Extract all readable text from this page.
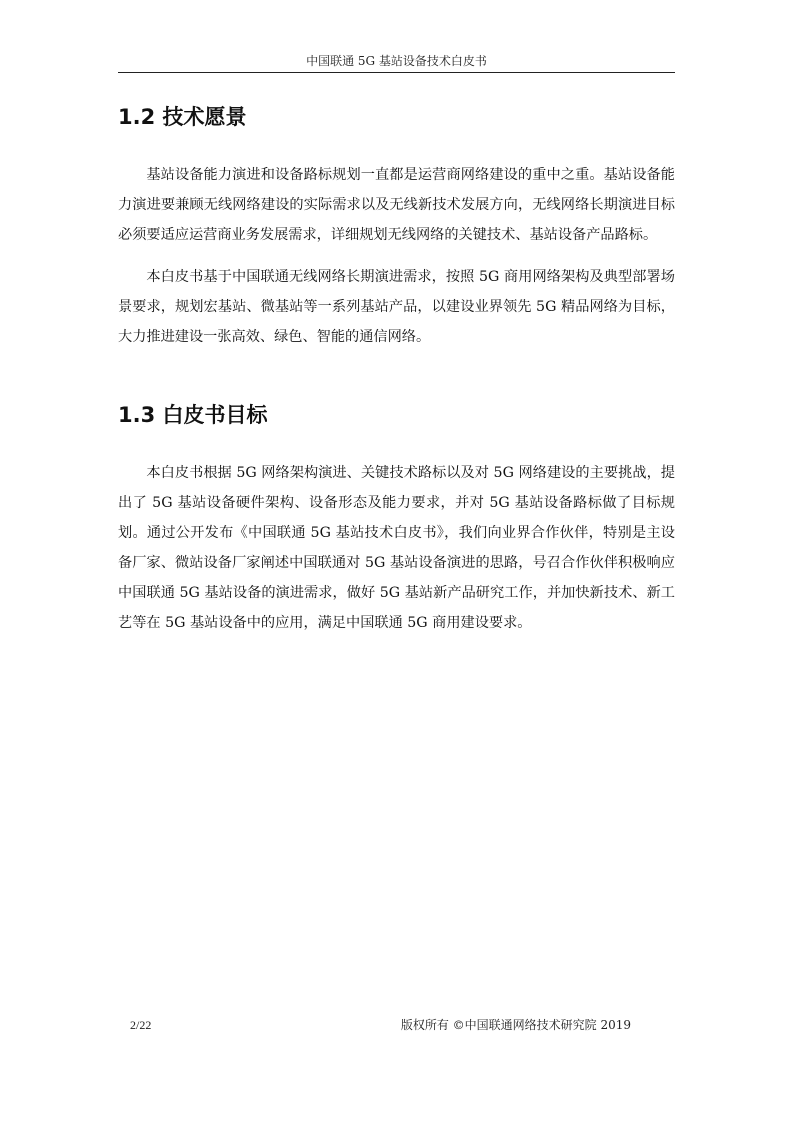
中国联通 5G 基站设备技术白皮书
1.2 技术愿景

基站设备能力演进和设备路标规划一直都是运营商网络建设的重中之重。基站设备能力演进要兼顾无线网络建设的实际需求以及无线新技术发展方向，无线网络长期演进目标必须要适应运营商业务发展需求，详细规划无线网络的关键技术、基站设备产品路标。

本白皮书基于中国联通无线网络长期演进需求，按照 5G 商用网络架构及典型部署场景要求，规划宏基站、微基站等一系列基站产品，以建设业界领先 5G 精品网络为目标，大力推进建设一张高效、绿色、智能的通信网络。

1.3 白皮书目标

本白皮书根据 5G 网络架构演进、关键技术路标以及对 5G 网络建设的主要挑战，提出了 5G 基站设备硬件架构、设备形态及能力要求，并对 5G 基站设备路标做了目标规划。通过公开发布《中国联通 5G 基站技术白皮书》，我们向业界合作伙伴，特别是主设备厂家、微站设备厂家阐述中国联通对 5G 基站设备演进的思路，号召合作伙伴积极响应中国联通 5G 基站设备的演进需求，做好 5G 基站新产品研究工作，并加快新技术、新工艺等在 5G 基站设备中的应用，满足中国联通 5G 商用建设要求。

2/22	版权所有 ©中国联通网络技术研究院 2019
